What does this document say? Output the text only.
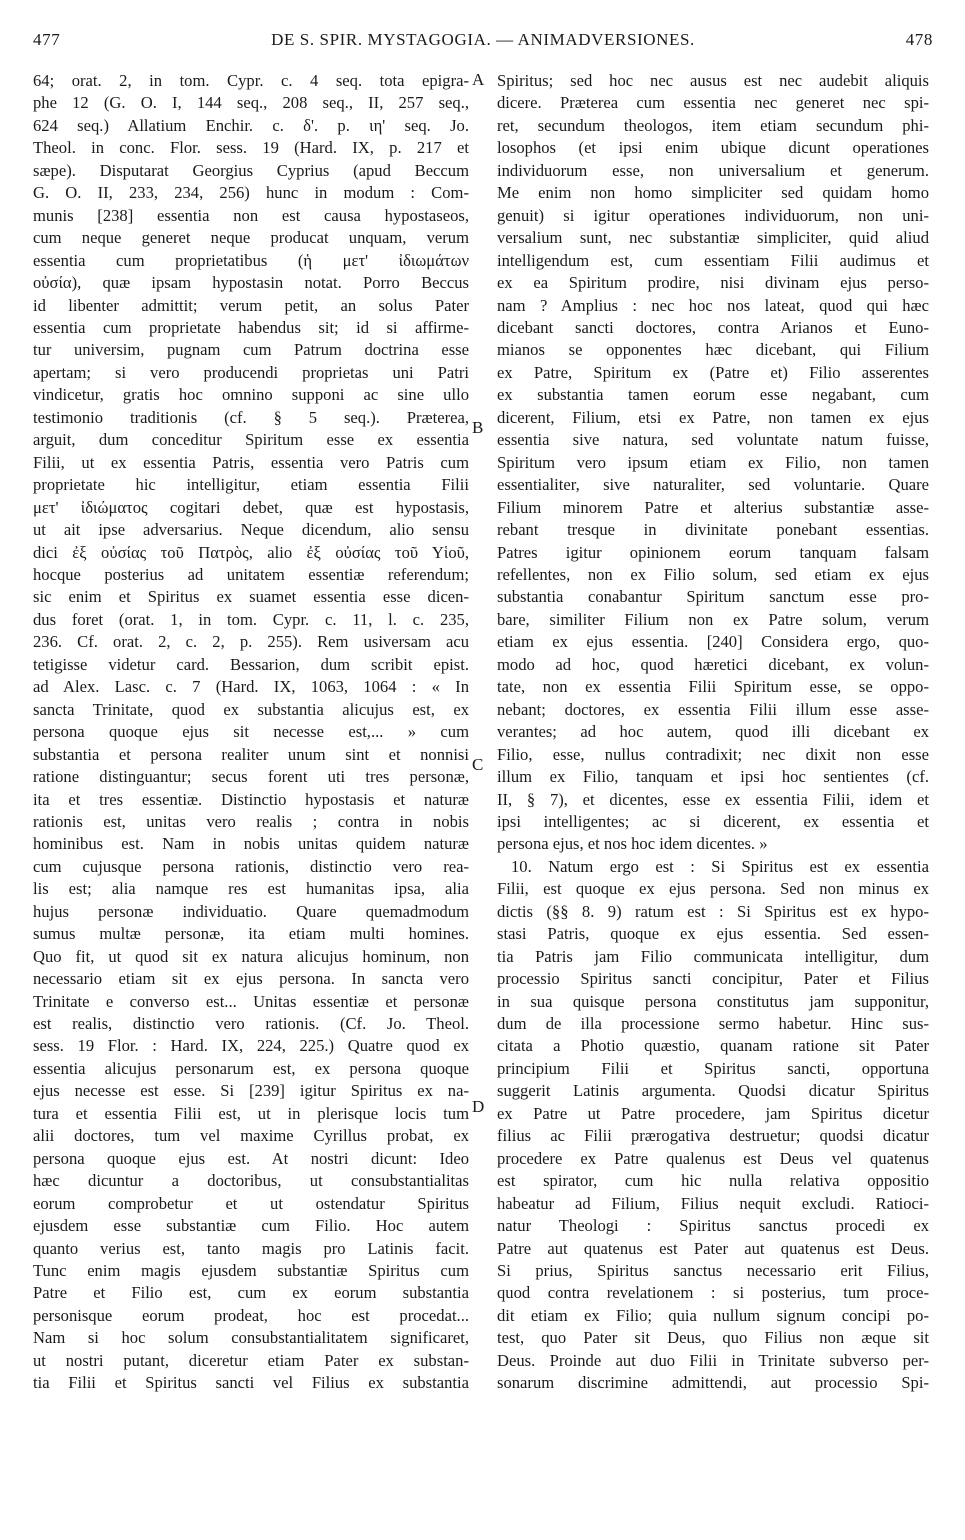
477	DE S. SPIR. MYSTAGOGIA. — ANIMADVERSIONES.	478
A
B
C
D
64; orat. 2, in tom. Cypr. c. 4 seq. tota epigra-
phe 12 (G. O. I, 144 seq., 208 seq., II, 257 seq.,
624 seq.) Allatium Enchir. c. δ'. p. ιη' seq. Jo.
Theol. in conc. Flor. sess. 19 (Hard. IX, p. 217 et
sæpe). Disputarat Georgius Cyprius (apud Beccum
G. O. II, 233, 234, 256) hunc in modum : Com-
munis [238] essentia non est causa hypostaseos,
cum neque generet neque producat unquam, verum
essentia cum proprietatibus (ἡ μετ' ἰδιωμάτων
οὐσία), quæ ipsam hypostasin notat. Porro Beccus
id libenter admittit; verum petit, an solus Pater
essentia cum proprietate habendus sit; id si affirme-
tur universim, pugnam cum Patrum doctrina esse
apertam; si vero producendi proprietas uni Patri
vindicetur, gratis hoc omnino supponi ac sine ullo
testimonio traditionis (cf. § 5 seq.). Præterea,
arguit, dum conceditur Spiritum esse ex essentia
Filii, ut ex essentia Patris, essentia vero Patris cum
proprietate hic intelligitur, etiam essentia Filii
μετ' ἰδιώματος cogitari debet, quæ est hypostasis,
ut ait ipse adversarius. Neque dicendum, alio sensu
dici ἐξ οὐσίας τοῦ Πατρὸς, alio ἐξ οὐσίας τοῦ Υἱοῦ,
hocque posterius ad unitatem essentiæ referendum;
sic enim et Spiritus ex suamet essentia esse dicen-
dus foret (orat. 1, in tom. Cypr. c. 11, l. c. 235,
236. Cf. orat. 2, c. 2, p. 255). Rem usiversam acu
tetigisse videtur card. Bessarion, dum scribit epist.
ad Alex. Lasc. c. 7 (Hard. IX, 1063, 1064 : « In
sancta Trinitate, quod ex substantia alicujus est, ex
persona quoque ejus sit necesse est,... » cum
substantia et persona realiter unum sint et nonnisi
ratione distinguantur; secus forent uti tres personæ,
ita et tres essentiæ. Distinctio hypostasis et naturæ
rationis est, unitas vero realis ; contra in nobis
hominibus est. Nam in nobis unitas quidem naturæ
cum cujusque persona rationis, distinctio vero rea-
lis est; alia namque res est humanitas ipsa, alia
hujus personæ individuatio. Quare quemadmodum
sumus multæ personæ, ita etiam multi homines.
Quo fit, ut quod sit ex natura alicujus hominum, non
necessario etiam sit ex ejus persona. In sancta vero
Trinitate e converso est... Unitas essentiæ et personæ
est realis, distinctio vero rationis. (Cf. Jo. Theol.
sess. 19 Flor. : Hard. IX, 224, 225.) Quatre quod ex
essentia alicujus personarum est, ex persona quoque
ejus necesse est esse. Si [239] igitur Spiritus ex na-
tura et essentia Filii est, ut in plerisque locis tum
alii doctores, tum vel maxime Cyrillus probat, ex
persona quoque ejus est. At nostri dicunt: Ideo
hæc dicuntur a doctoribus, ut consubstantialitas
eorum comprobetur et ut ostendatur Spiritus
ejusdem esse substantiæ cum Filio. Hoc autem
quanto verius est, tanto magis pro Latinis facit.
Tunc enim magis ejusdem substantiæ Spiritus cum
Patre et Filio est, cum ex eorum substantia
personisque eorum prodeat, hoc est procedat...
Nam si hoc solum consubstantialitatem significaret,
ut nostri putant, diceretur etiam Pater ex substan-
tia Filii et Spiritus sancti vel Filius ex substantia
Spiritus; sed hoc nec ausus est nec audebit aliquis
dicere. Præterea cum essentia nec generet nec spi-
ret, secundum theologos, item etiam secundum phi-
losophos (et ipsi enim ubique dicunt operationes
individuorum esse, non universalium et generum.
Me enim non homo simpliciter sed quidam homo
genuit) si igitur operationes individuorum, non uni-
versalium sunt, nec substantiæ simpliciter, quid aliud
intelligendum est, cum essentiam Filii audimus et
ex ea Spiritum prodire, nisi divinam ejus perso-
nam ? Amplius : nec hoc nos lateat, quod qui hæc
dicebant sancti doctores, contra Arianos et Euno-
mianos se opponentes hæc dicebant, qui Filium
ex Patre, Spiritum ex (Patre et) Filio asserentes
ex substantia tamen eorum esse negabant, cum
dicerent, Filium, etsi ex Patre, non tamen ex ejus
essentia sive natura, sed voluntate natum fuisse,
Spiritum vero ipsum etiam ex Filio, non tamen
essentialiter, sive naturaliter, sed voluntarie. Quare
Filium minorem Patre et alterius substantiæ asse-
rebant tresque in divinitate ponebant essentias.
Patres igitur opinionem eorum tanquam falsam
refellentes, non ex Filio solum, sed etiam ex ejus
substantia conabantur Spiritum sanctum esse pro-
bare, similiter Filium non ex Patre solum, verum
etiam ex ejus essentia. [240] Considera ergo, quo-
modo ad hoc, quod hæretici dicebant, ex volun-
tate, non ex essentia Filii Spiritum esse, se oppo-
nebant; doctores, ex essentia Filii illum esse asse-
verantes; ad hoc autem, quod illi dicebant ex
Filio, esse, nullus contradixit; nec dixit non esse
illum ex Filio, tanquam et ipsi hoc sentientes (cf.
II, § 7), et dicentes, esse ex essentia Filii, idem et
ipsi intelligentes; ac si dicerent, ex essentia et
persona ejus, et nos hoc idem dicentes. »
10. Natum ergo est : Si Spiritus est ex essentia
Filii, est quoque ex ejus persona. Sed non minus ex
dictis (§§ 8. 9) ratum est : Si Spiritus est ex hypo-
stasi Patris, quoque ex ejus essentia. Sed essen-
tia Patris jam Filio communicata intelligitur, dum
processio Spiritus sancti concipitur, Pater et Filius
in sua quisque persona constitutus jam supponitur,
dum de illa processione sermo habetur. Hinc sus-
citata a Photio quæstio, quanam ratione sit Pater
principium Filii et Spiritus sancti, opportuna
suggerit Latinis argumenta. Quodsi dicatur Spiritus
ex Patre ut Patre procedere, jam Spiritus dicetur
filius ac Filii prærogativa destruetur; quodsi dicatur
procedere ex Patre qualenus est Deus vel quatenus
est spirator, cum hic nulla relativa oppositio
habeatur ad Filium, Filius nequit excludi. Ratioci-
natur Theologi : Spiritus sanctus procedi ex
Patre aut quatenus est Pater aut quatenus est Deus.
Si prius, Spiritus sanctus necessario erit Filius,
quod contra revelationem : si posterius, tum proce-
dit etiam ex Filio; quia nullum signum concipi po-
test, quo Pater sit Deus, quo Filius non æque sit
Deus. Proinde aut duo Filii in Trinitate subverso per-
sonarum discrimine admittendi, aut processio Spi-
